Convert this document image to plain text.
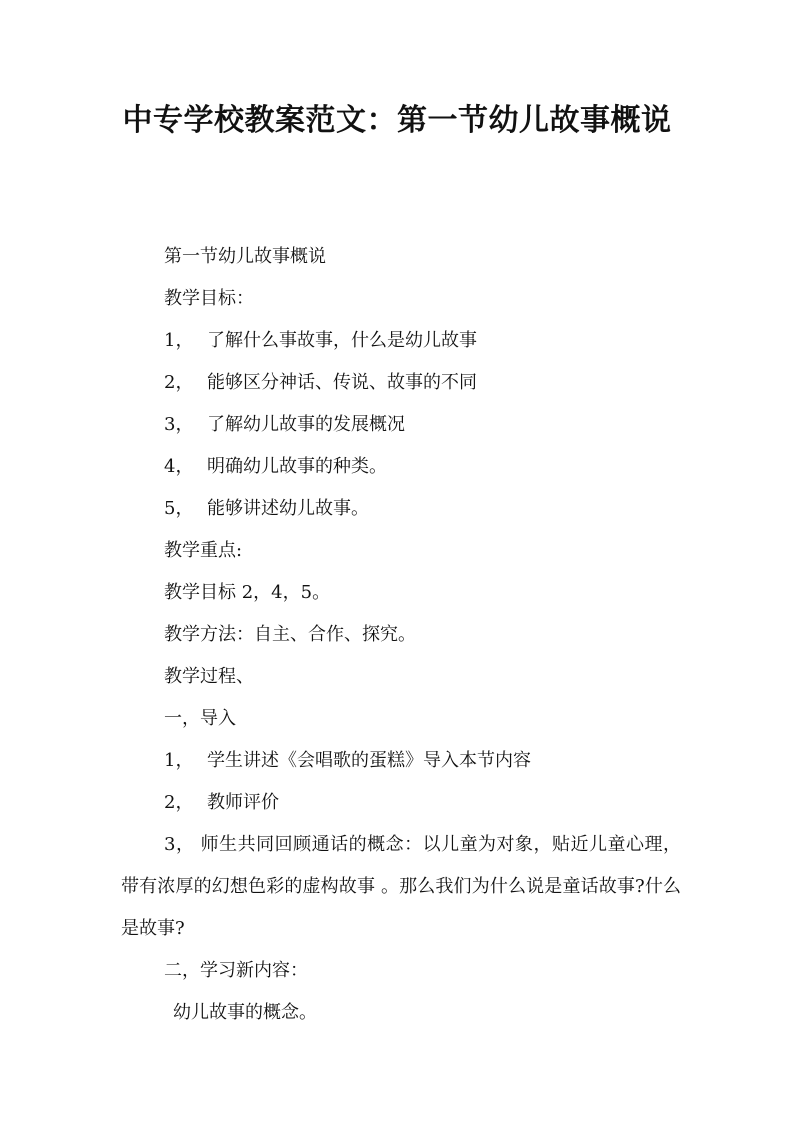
中专学校教案范文：第一节幼儿故事概说
第一节幼儿故事概说
教学目标：
1， 了解什么事故事，什么是幼儿故事
2， 能够区分神话、传说、故事的不同
3， 了解幼儿故事的发展概况
4， 明确幼儿故事的种类。
5， 能够讲述幼儿故事。
教学重点:
教学目标 2，4，5。
教学方法：自主、合作、探究。
教学过程、
一，导入
1， 学生讲述《会唱歌的蛋糕》导入本节内容
2， 教师评价
3， 师生共同回顾通话的概念：以儿童为对象，贴近儿童心理，带有浓厚的幻想色彩的虚构故事 。那么我们为什么说是童话故事?什么是故事?
二，学习新内容：
幼儿故事的概念。
